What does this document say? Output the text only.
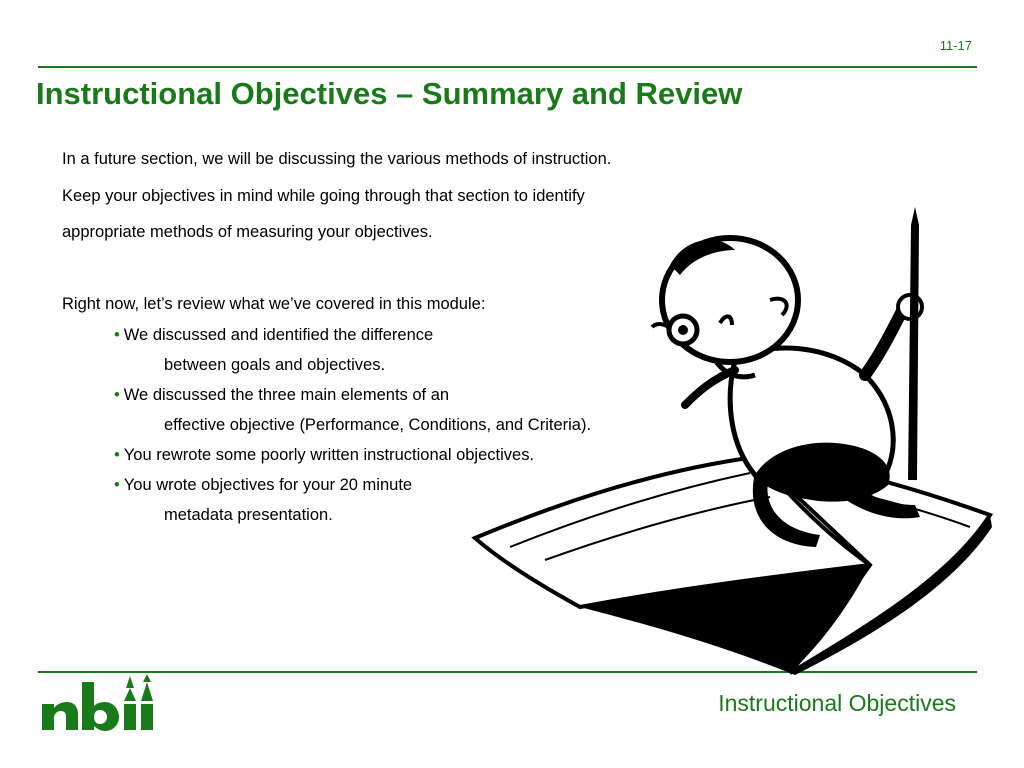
11-17
Instructional Objectives – Summary and Review
In a future section, we will be discussing the various methods of instruction.
Keep your objectives in mind while going through that section to identify
appropriate methods of measuring your objectives.
Right now, let’s review what we’ve covered in this module:
• We discussed and identified the difference
between goals and objectives.
• We discussed the three main elements of an
effective objective (Performance, Conditions, and Criteria).
• You rewrote some poorly written instructional objectives.
• You wrote objectives for your 20 minute
metadata presentation.
Instructional Objectives
